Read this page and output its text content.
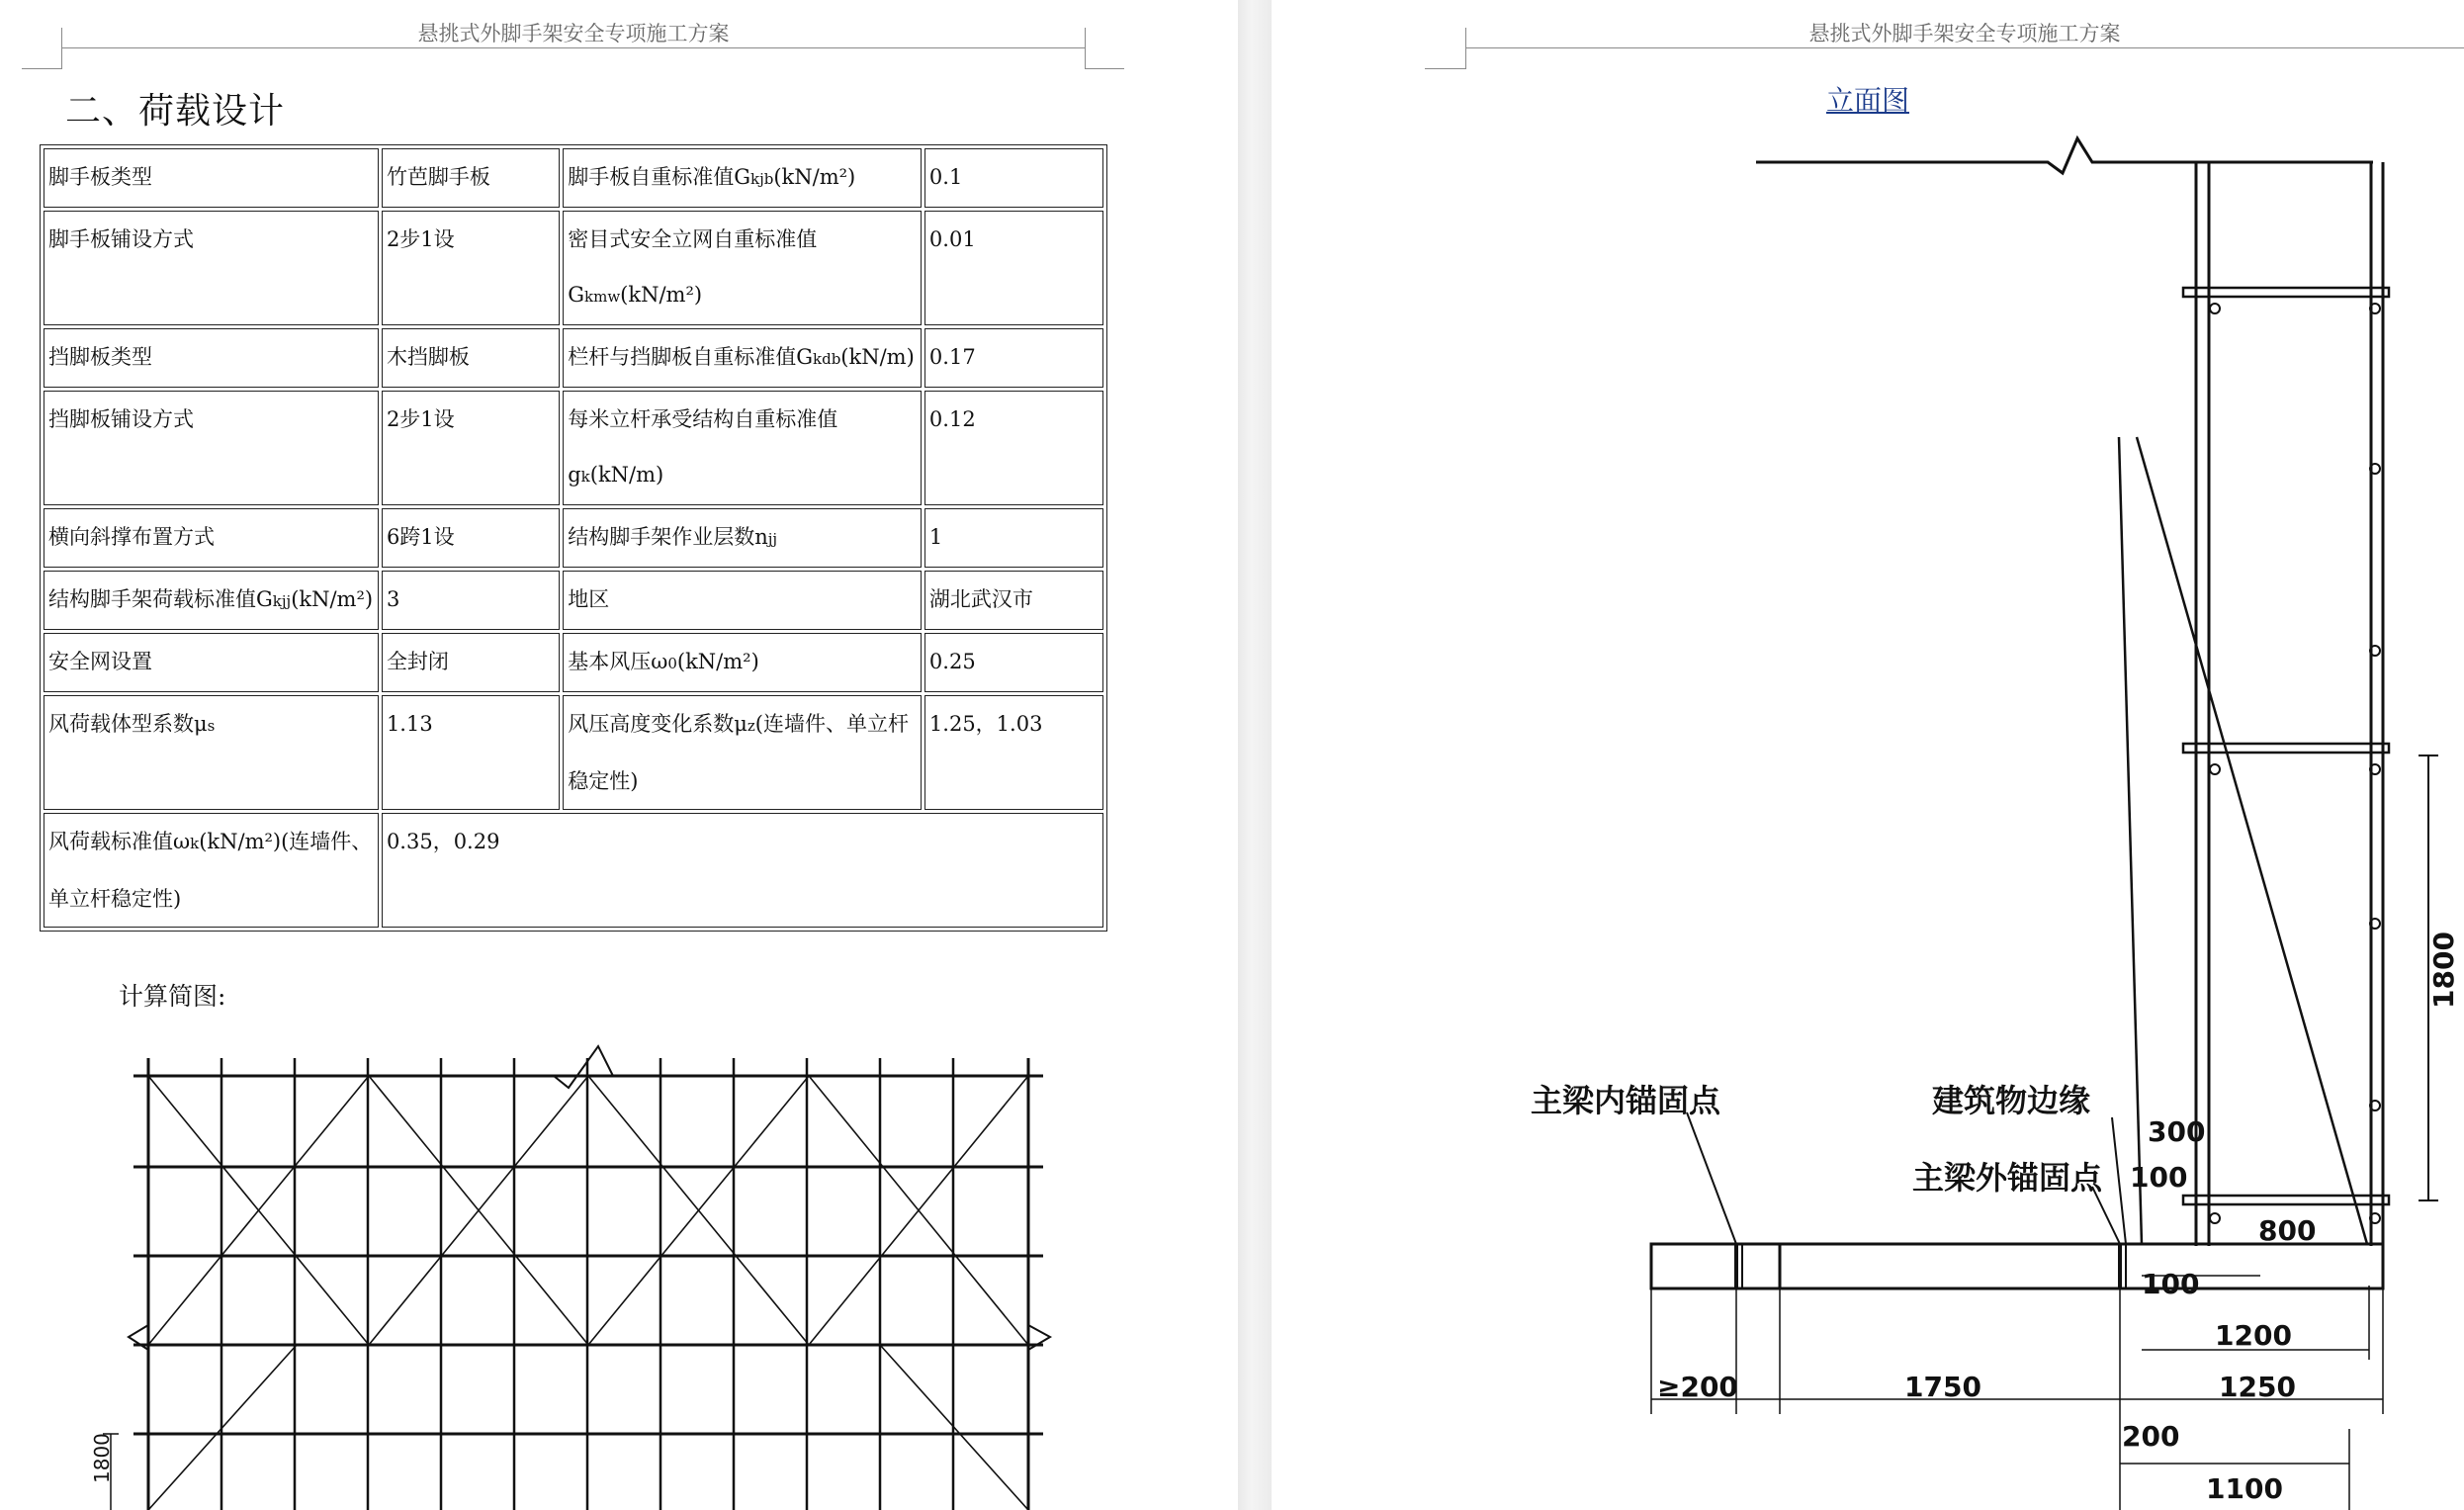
悬挑式外脚手架安全专项施工方案
二、荷载设计
脚手板类型	竹芭脚手板	脚手板自重标准值Gkjb(kN/m²)	0.1
脚手板铺设方式	2步1设	密目式安全立网自重标准值Gkmw(kN/m²)	0.01
挡脚板类型	木挡脚板	栏杆与挡脚板自重标准值Gkdb(kN/m)	0.17
挡脚板铺设方式	2步1设	每米立杆承受结构自重标准值gk(kN/m)	0.12
横向斜撑布置方式	6跨1设	结构脚手架作业层数njj	1
结构脚手架荷载标准值Gkjj(kN/m²)	3	地区	湖北武汉市
安全网设置	全封闭	基本风压ω0(kN/m²)	0.25
风荷载体型系数μs	1.13	风压高度变化系数μz(连墙件、单立杆稳定性)	1.25，1.03
风荷载标准值ωk(kN/m²)(连墙件、单立杆稳定性)	0.35，0.29		
计算简图:
1800
悬挑式外脚手架安全专项施工方案
立面图
主梁内锚固点	建筑物边缘
主梁外锚固点
1800
300
100
800
100
1200
≥200	1750	1250
200
1100
